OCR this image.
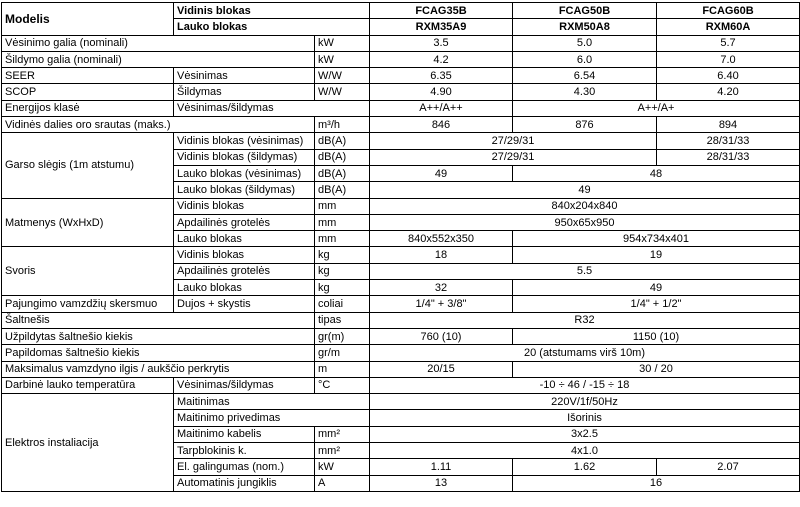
Modelis	Vidinis blokas		FCAG35B	FCAG50B	FCAG60B
	Lauko blokas		RXM35A9	RXM50A8	RXM60A
Vėsinimo galia (nominali)		kW	3.5	5.0	5.7
Šildymo galia (nominali)		kW	4.2	6.0	7.0
SEER	Vėsinimas	W/W	6.35	6.54	6.40
SCOP	Šildymas	W/W	4.90	4.30	4.20
Energijos klasė	Vėsinimas/šildymas		A++/A++	A++/A+	
Vidinės dalies oro srautas (maks.)		m³/h	846	876	894
Garso slėgis (1m atstumu)	Vidinis blokas (vėsinimas)	dB(A)	27/29/31		28/31/33
	Vidinis blokas (šildymas)	dB(A)	27/29/31		28/31/33
	Lauko blokas (vėsinimas)	dB(A)	49	48	
	Lauko blokas (šildymas)	dB(A)	49		
Matmenys (WxHxD)	Vidinis blokas	mm	840x204x840		
	Apdailinės grotelės	mm	950x65x950		
	Lauko blokas	mm	840x552x350	954x734x401	
Svoris	Vidinis blokas	kg	18	19	
	Apdailinės grotelės	kg	5.5		
	Lauko blokas	kg	32	49	
Pajungimo vamzdžių skersmuo	Dujos + skystis	coliai	1/4" + 3/8"	1/4" + 1/2"	
Šaltnešis		tipas	R32		
Užpildytas šaltnešio kiekis		gr(m)	760 (10)	1150 (10)	
Papildomas šaltnešio kiekis		gr/m	20 (atstumams virš 10m)		
Maksimalus vamzdyno ilgis / aukščio perkrytis		m	20/15	30 / 20	
Darbinė lauko temperatūra	Vėsinimas/šildymas	°C	-10 ÷ 46 / -15 ÷ 18		
Elektros instaliacija	Maitinimas		220V/1f/50Hz		
	Maitinimo privedimas		Išorinis		
	Maitinimo kabelis	mm²	3x2.5		
	Tarpblokinis k.	mm²	4x1.0		
	El. galingumas (nom.)	kW	1.11	1.62	2.07
	Automatinis jungiklis	A	13	16	
